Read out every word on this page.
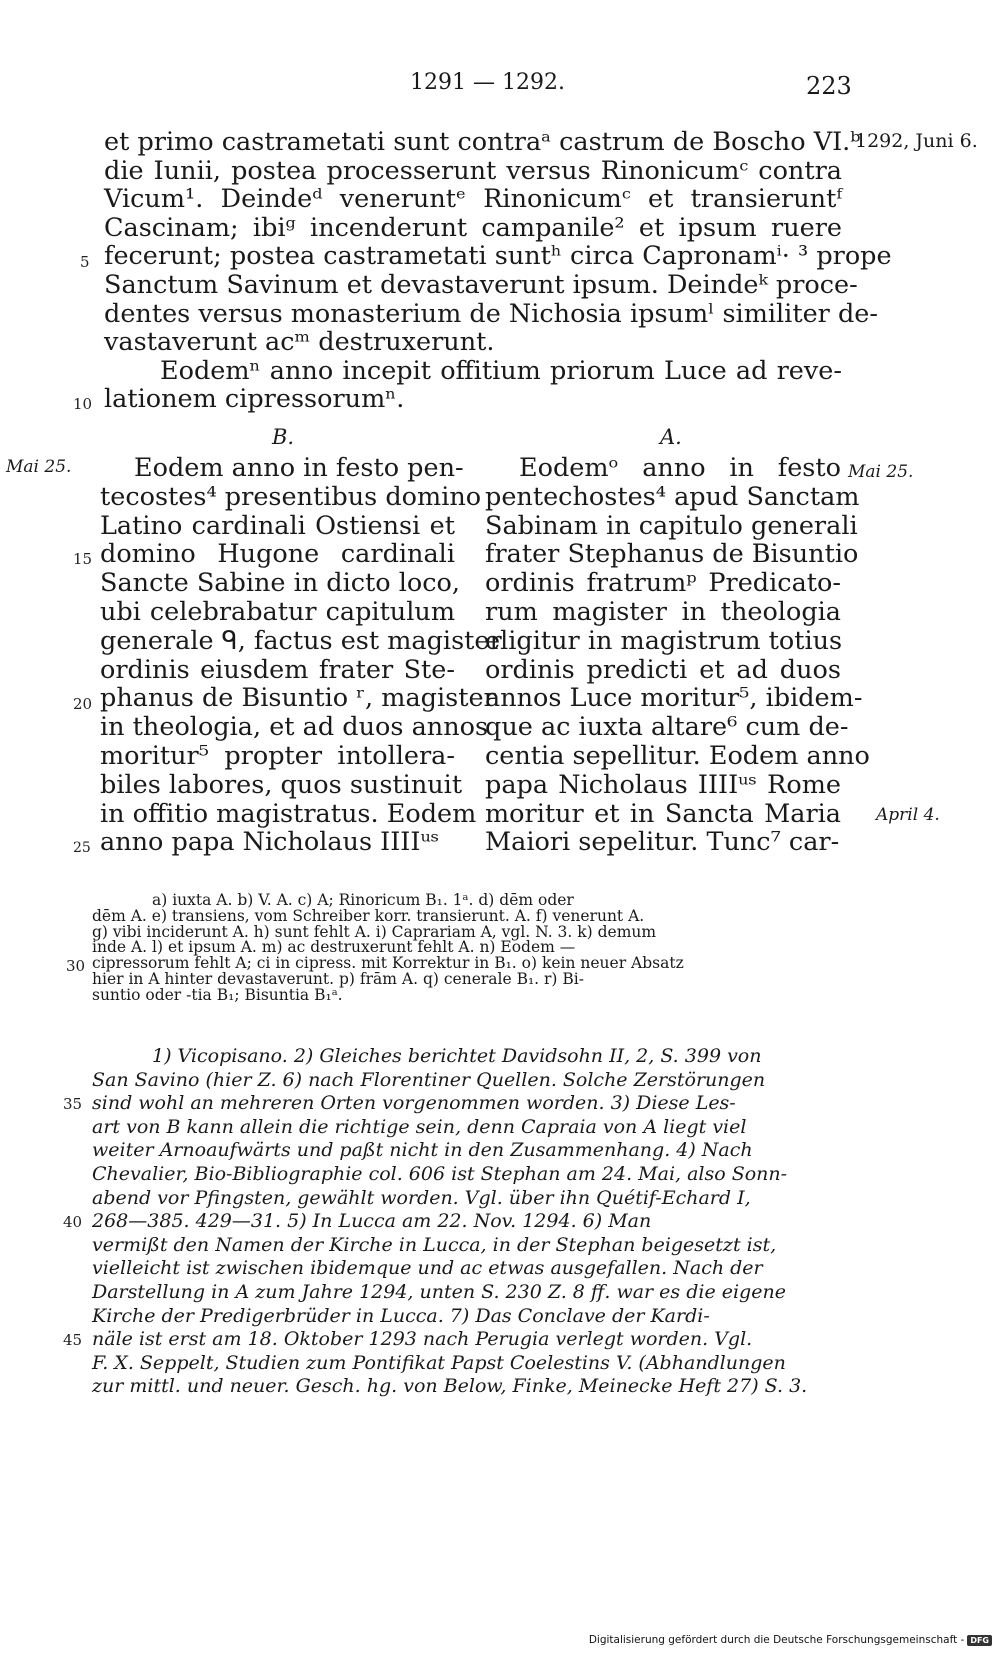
1291 — 1292.	223
1292, Juni 6.
Mai 25.	Mai 25.
April 4.
5
10
15
20
25
30
35
40
45
et primo castrametati sunt contraᵃ castrum de Boscho VI.ᵇ
die Iunii, postea processerunt versus Rinonicumᶜ contra
Vicum¹. Deindeᵈ veneruntᵉ Rinonicumᶜ et transieruntᶠ
Cascinam; ibiᵍ incenderunt campanile² et ipsum ruere
fecerunt; postea castrametati suntʰ circa Capronamⁱ· ³ prope
Sanctum Savinum et devastaverunt ipsum. Deindeᵏ proce-
dentes versus monasterium de Nichosia ipsumˡ similiter de-
vastaverunt acᵐ destruxerunt.
Eodemⁿ anno incepit offitium priorum Luce ad reve-
lationem cipressorumⁿ.
B.	A.
Eodem anno in festo pen-
tecostes⁴ presentibus domino
Latino cardinali Ostiensi et
domino Hugone cardinali
Sancte Sabine in dicto loco,
ubi celebrabatur capitulum
generale ᑫ, factus est magister
ordinis eiusdem frater Ste-
phanus de Bisuntio ʳ, magister
in theologia, et ad duos annos
moritur⁵ propter intollera-
biles labores, quos sustinuit
in offitio magistratus. Eodem
anno papa Nicholaus IIIIᵘˢ
Eodemᵒ anno in festo
pentechostes⁴ apud Sanctam
Sabinam in capitulo generali
frater Stephanus de Bisuntio
ordinis fratrumᵖ Predicato-
rum magister in theologia
eligitur in magistrum totius
ordinis predicti et ad duos
annos Luce moritur⁵, ibidem-
que ac iuxta altare⁶ cum de-
centia sepellitur. Eodem anno
papa Nicholaus IIIIᵘˢ Rome
moritur et in Sancta Maria
Maiori sepelitur. Tunc⁷ car-
a) iuxta A. b) V. A. c) A; Rinoricum B₁. 1ᵃ. d) dēm oder
dēm A. e) transiens, vom Schreiber korr. transierunt. A. f) venerunt A.
g) vibi inciderunt A. h) sunt fehlt A. i) Caprariam A, vgl. N. 3. k) demum
inde A. l) et ipsum A. m) ac destruxerunt fehlt A. n) Eodem —
cipressorum fehlt A; ci in cipress. mit Korrektur in B₁. o) kein neuer Absatz
hier in A hinter devastaverunt. p) frām A. q) cenerale B₁. r) Bi-
suntio oder -tia B₁; Bisuntia B₁ᵃ.
1) Vicopisano. 2) Gleiches berichtet Davidsohn II, 2, S. 399 von
San Savino (hier Z. 6) nach Florentiner Quellen. Solche Zerstörungen
sind wohl an mehreren Orten vorgenommen worden. 3) Diese Les-
art von B kann allein die richtige sein, denn Capraia von A liegt viel
weiter Arnoaufwärts und paßt nicht in den Zusammenhang. 4) Nach
Chevalier, Bio-Bibliographie col. 606 ist Stephan am 24. Mai, also Sonn-
abend vor Pfingsten, gewählt worden. Vgl. über ihn Quétif-Echard I,
268—385. 429—31. 5) In Lucca am 22. Nov. 1294. 6) Man
vermißt den Namen der Kirche in Lucca, in der Stephan beigesetzt ist,
vielleicht ist zwischen ibidemque und ac etwas ausgefallen. Nach der
Darstellung in A zum Jahre 1294, unten S. 230 Z. 8 ff. war es die eigene
Kirche der Predigerbrüder in Lucca. 7) Das Conclave der Kardi-
näle ist erst am 18. Oktober 1293 nach Perugia verlegt worden. Vgl.
F. X. Seppelt, Studien zum Pontifikat Papst Coelestins V. (Abhandlungen
zur mittl. und neuer. Gesch. hg. von Below, Finke, Meinecke Heft 27) S. 3.
Digitalisierung gefördert durch die Deutsche Forschungsgemeinschaft - DFG
